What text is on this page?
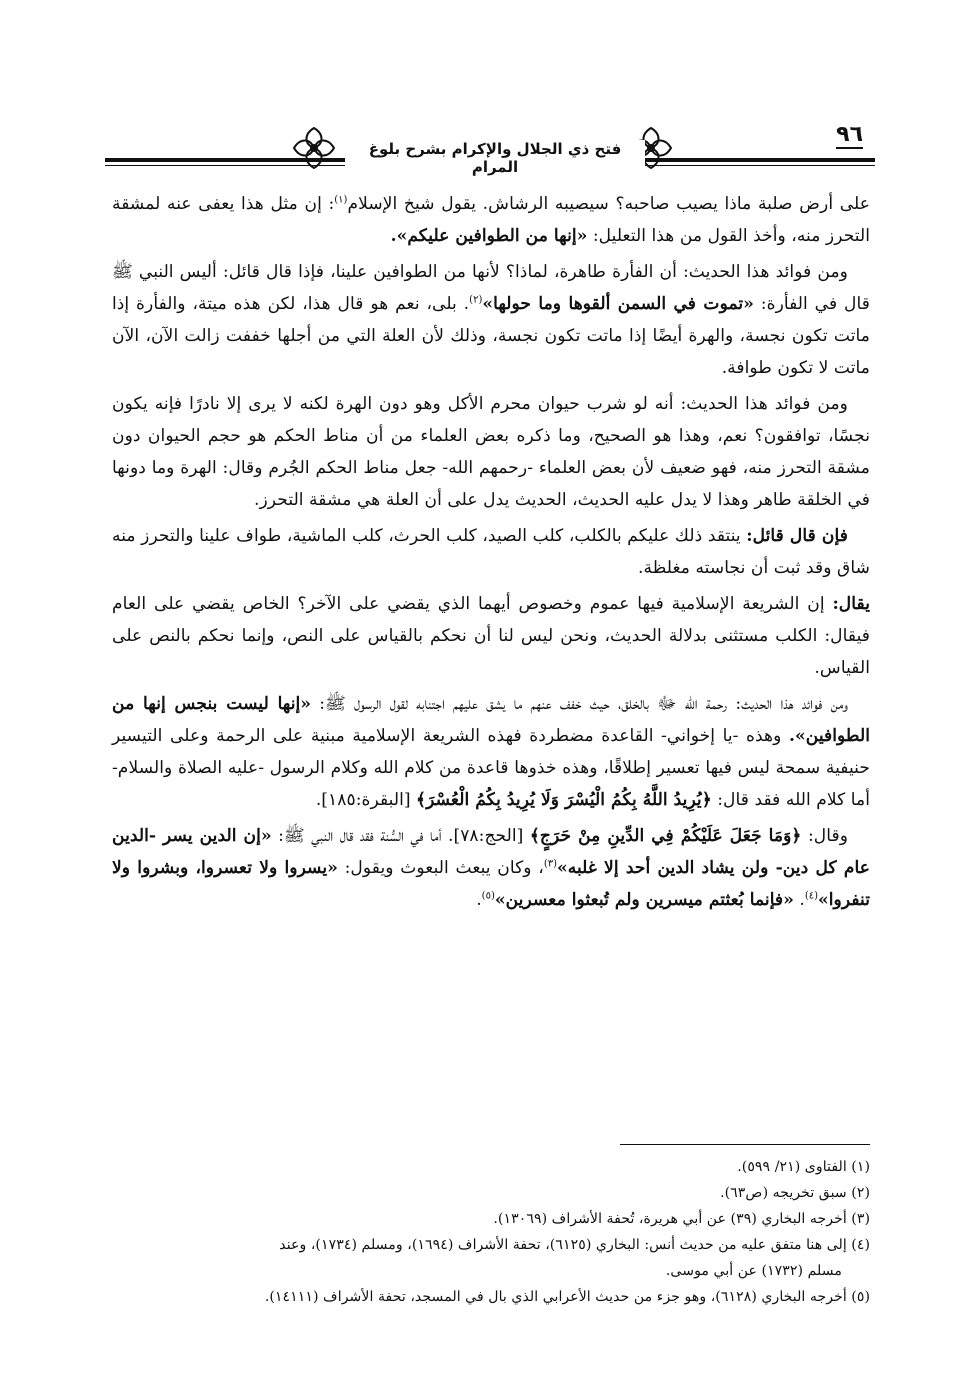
٩٦
فتح ذي الجلال والإكرام بشرح بلوغ المرام

على أرض صلبة ماذا يصيب صاحبه؟ سيصيبه الرشاش. يقول شيخ الإسلام$^{(١)}$: إن مثل هذا يعفى عنه لمشقة التحرز منه، وأخذ القول من هذا التعليل: «إنها من الطوافين عليكم».

ومن فوائد هذا الحديث: أن الفأرة طاهرة، لماذا؟ لأنها من الطوافين علينا، فإذا قال قائل: أليس النبي ﷺ قال في الفأرة: «تموت في السمن ألقوها وما حولها»$^{(٢)}$. بلى، نعم هو قال هذا، لكن هذه ميتة، والفأرة إذا ماتت تكون نجسة، والهرة أيضًا إذا ماتت تكون نجسة، وذلك لأن العلة التي من أجلها خففت زالت الآن، الآن ماتت لا تكون طوافة.

ومن فوائد هذا الحديث: أنه لو شرب حيوان محرم الأكل وهو دون الهرة لكنه لا يرى إلا نادرًا فإنه يكون نجسًا، توافقون؟ نعم، وهذا هو الصحيح، وما ذكره بعض العلماء من أن مناط الحكم هو حجم الحيوان دون مشقة التحرز منه، فهو ضعيف لأن بعض العلماء -رحمهم الله- جعل مناط الحكم الجُرم وقال: الهرة وما دونها في الخلقة طاهر وهذا لا يدل عليه الحديث، الحديث يدل على أن العلة هي مشقة التحرز.

فإن قال قائل: ينتقد ذلك عليكم بالكلب، كلب الصيد، كلب الحرث، كلب الماشية، طواف علينا والتحرز منه شاق وقد ثبت أن نجاسته مغلظة.

يقال: إن الشريعة الإسلامية فيها عموم وخصوص أيهما الذي يقضي على الآخر؟ الخاص يقضي على العام فيقال: الكلب مستثنى بدلالة الحديث، ونحن ليس لنا أن نحكم بالقياس على النص، وإنما نحكم بالنص على القياس.

ومن فوائد هذا الحديث: رحمة الله ﷻ بالخلق، حيث خفف عنهم ما يشق عليهم اجتنابه لقول الرسول ﷺ: «إنها ليست بنجس إنها من الطوافين». وهذه -يا إخواني- القاعدة مضطردة فهذه الشريعة الإسلامية مبنية على الرحمة وعلى التيسير حنيفية سمحة ليس فيها تعسير إطلاقًا، وهذه خذوها قاعدة من كلام الله وكلام الرسول -عليه الصلاة والسلام- أما كلام الله فقد قال: ﴿يُرِيدُ اللَّهُ بِكُمُ الْيُسْرَ وَلَا يُرِيدُ بِكُمُ الْعُسْرَ﴾ [البقرة:١٨٥].

وقال: ﴿وَمَا جَعَلَ عَلَيْكُمْ فِي الدِّينِ مِنْ حَرَجٍ﴾ [الحج:٧٨]. أما في السُّنة فقد قال النبي ﷺ: «إن الدين يسر -الدين عام كل دين- ولن يشاد الدين أحد إلا غلبه»$^{(٣)}$، وكان يبعث البعوث ويقول: «يسروا ولا تعسروا، وبشروا ولا تنفروا»$^{(٤)}$. «فإنما بُعثتم ميسرين ولم تُبعثوا معسرين»$^{(٥)}$.

(١) الفتاوى (٢١/ ٥٩٩).

(٢) سبق تخريجه (ص٦٣).

(٣) أخرجه البخاري (٣٩) عن أبي هريرة، تُحفة الأشراف (١٣٠٦٩).

(٤) إلى هنا متفق عليه من حديث أنس: البخاري (٦١٢٥)، تحفة الأشراف (١٦٩٤)، ومسلم (١٧٣٤)، وعند

مسلم (١٧٣٢) عن أبي موسى.

(٥) أخرجه البخاري (٦١٢٨)، وهو جزء من حديث الأعرابي الذي بال في المسجد، تحفة الأشراف (١٤١١١).
